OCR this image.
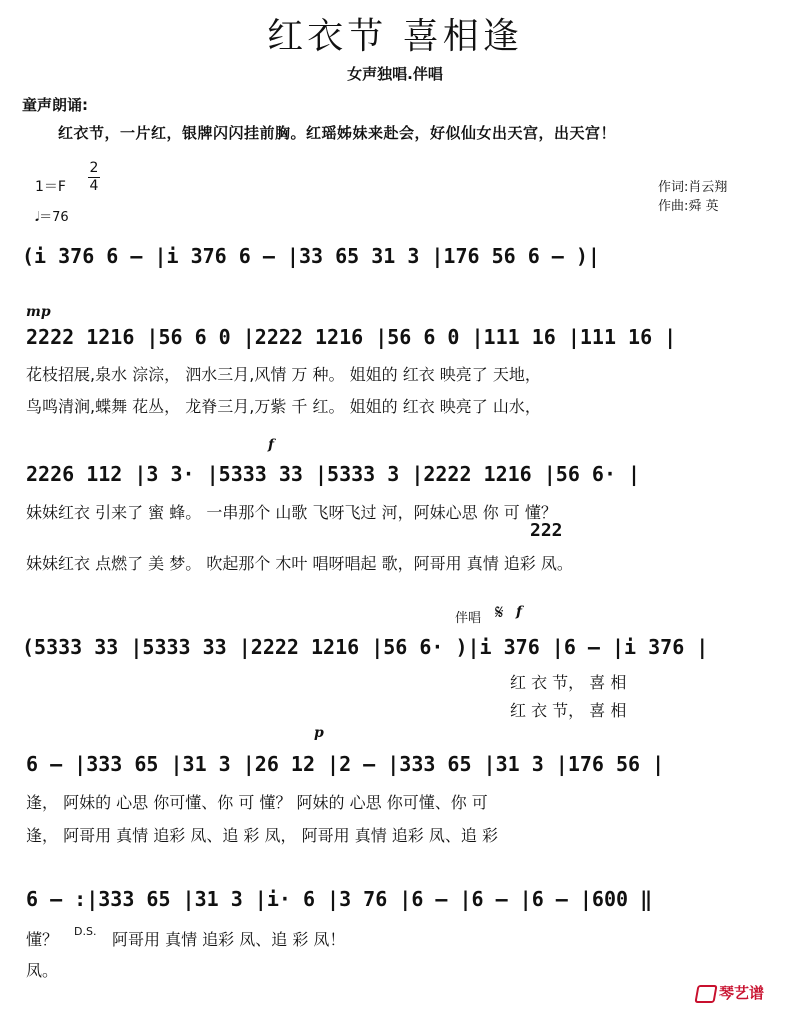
红衣节 喜相逢
女声独唱.伴唱
童声朗诵:
红衣节，一片红，银牌闪闪挂前胸。红瑶姊妹来赴会，好似仙女出天宫，出天宫！
1＝F
2
4
𝅘𝅥＝76
作词:肖云翔
作曲:舜 英
(i 376 6 – |i 376 6 – |33 65 31 3 |176 56 6 – )|
mp
2222 1216 |56 6 0 |2222 1216 |56 6 0 |111 16 |111 16 |
花枝招展,泉水 淙淙， 泗水三月,风情 万 种。 姐姐的 红衣 映亮了 天地，
鸟鸣清涧,蝶舞 花丛， 龙脊三月,万紫 千 红。 姐姐的 红衣 映亮了 山水，
f
2226 112 |3 3· |5333 33 |5333 3 |2222 1216 |56 6· |
妹妹红衣 引来了 蜜 蜂。 一串那个 山歌 飞呀飞过 河，阿妹心思 你 可 懂？
222
妹妹红衣 点燃了 美 梦。 吹起那个 木叶 唱呀唱起 歌，阿哥用 真情 追彩 凤。
伴唱 𝄋 f
(5333 33 |5333 33 |2222 1216 |56 6· )|i 376 |6 – |i 376 |
红 衣 节， 喜 相
红 衣 节， 喜 相
p
6 – |333 65 |31 3 |26 12 |2 – |333 65 |31 3 |176 56 |
逢， 阿妹的 心思 你可懂、你 可 懂？ 阿妹的 心思 你可懂、你 可
逢， 阿哥用 真情 追彩 凤、追 彩 凤， 阿哥用 真情 追彩 凤、追 彩
6 – :|333 65 |31 3 |i· 6 |3 76 |6 – |6 – |6 – |600 ‖
D.S.
懂？	阿哥用 真情 追彩 凤、追 彩 凤！
凤。
琴艺谱
